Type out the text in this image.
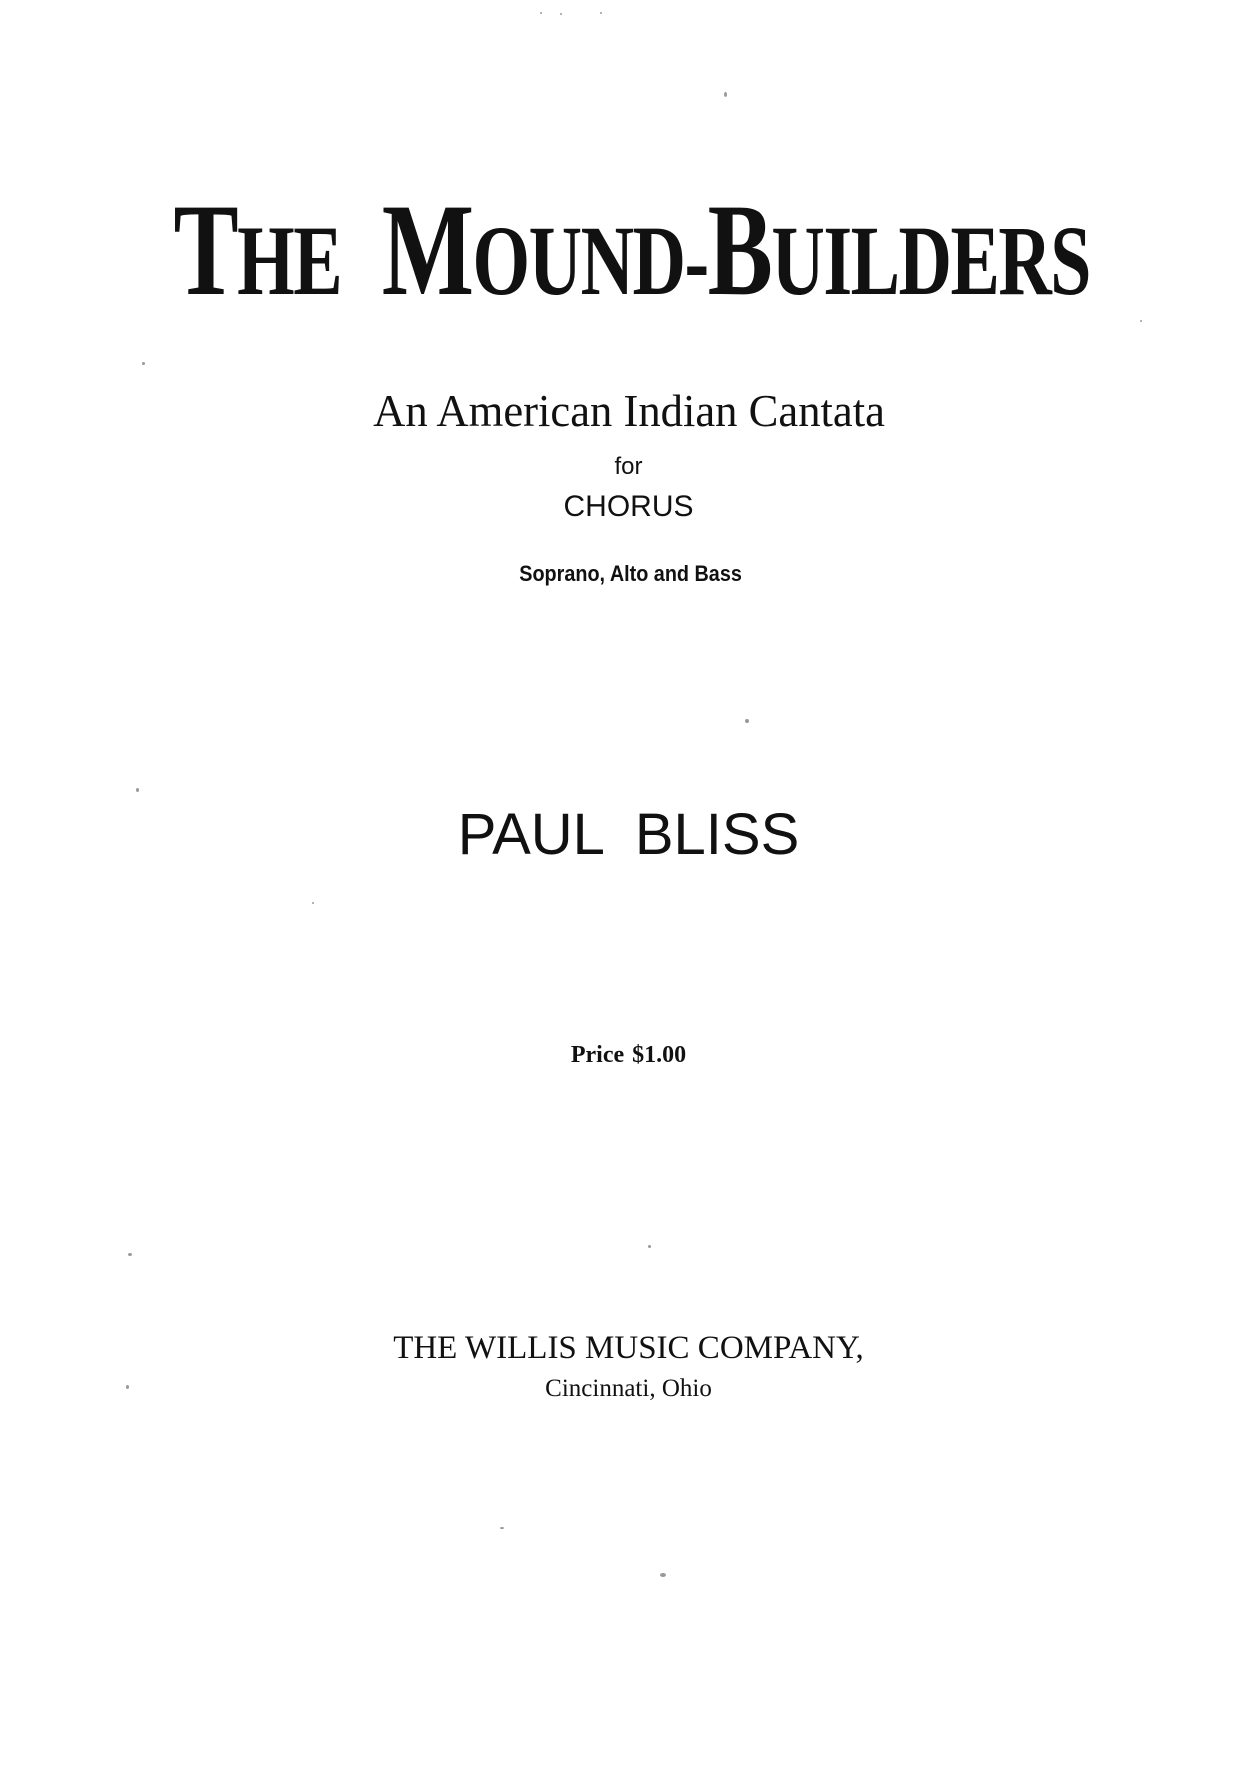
THE MOUND-BUILDERS
An American Indian Cantata
for
CHORUS
Soprano, Alto and Bass
PAUL BLISS
Price $1.00
THE WILLIS MUSIC COMPANY,
Cincinnati, Ohio
